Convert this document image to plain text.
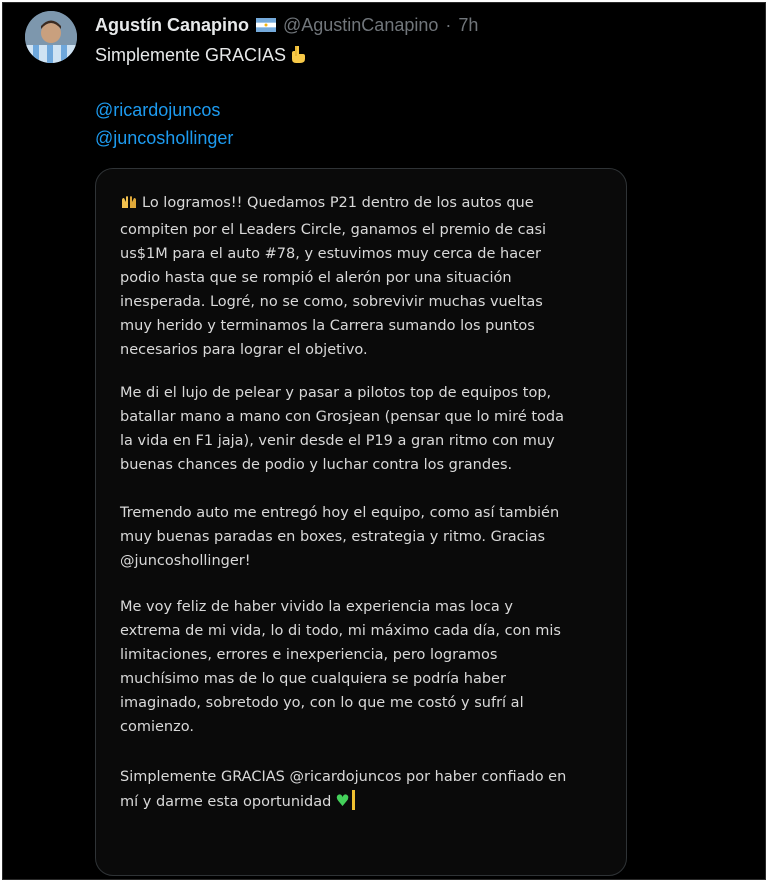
Agustín Canapino @AgustinCanapino · 7h
Simplemente GRACIAS
@ricardojuncos
@juncoshollinger

Lo logramos!! Quedamos P21 dentro de los autos que
compiten por el Leaders Circle, ganamos el premio de casi
us$1M para el auto #78, y estuvimos muy cerca de hacer
podio hasta que se rompió el alerón por una situación
inesperada. Logré, no se como, sobrevivir muchas vueltas
muy herido y terminamos la Carrera sumando los puntos
necesarios para lograr el objetivo.

Me di el lujo de pelear y pasar a pilotos top de equipos top,
batallar mano a mano con Grosjean (pensar que lo miré toda
la vida en F1 jaja), venir desde el P19 a gran ritmo con muy
buenas chances de podio y luchar contra los grandes.

Tremendo auto me entregó hoy el equipo, como así también
muy buenas paradas en boxes, estrategia y ritmo. Gracias
@juncoshollinger!

Me voy feliz de haber vivido la experiencia mas loca y
extrema de mi vida, lo di todo, mi máximo cada día, con mis
limitaciones, errores e inexperiencia, pero logramos
muchísimo mas de lo que cualquiera se podría haber
imaginado, sobretodo yo, con lo que me costó y sufrí al
comienzo.

Simplemente GRACIAS @ricardojuncos por haber confiado en
mí y darme esta oportunidad ♥
